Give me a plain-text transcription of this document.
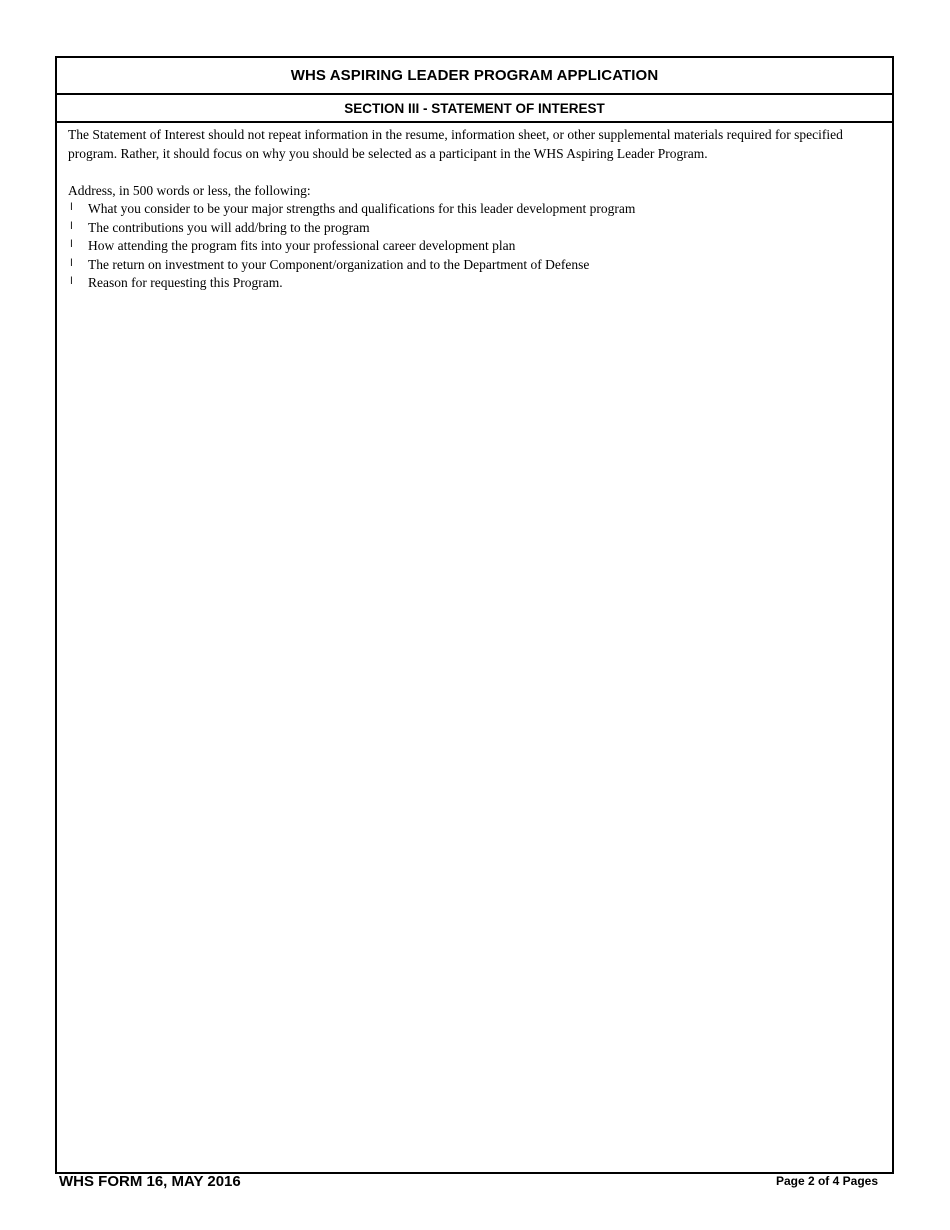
WHS ASPIRING LEADER PROGRAM APPLICATION
SECTION III - STATEMENT OF INTEREST

The Statement of Interest should not repeat information in the resume, information sheet, or other supplemental materials required for specified program. Rather, it should focus on why you should be selected as a participant in the WHS Aspiring Leader Program.

Address, in 500 words or less, the following:

l	What you consider to be your major strengths and qualifications for this leader development program
l	The contributions you will add/bring to the program
l	How attending the program fits into your professional career development plan
l	The return on investment to your Component/organization and to the Department of Defense
l	Reason for requesting this Program.
WHS FORM 16, MAY 2016	Page 2 of 4 Pages
